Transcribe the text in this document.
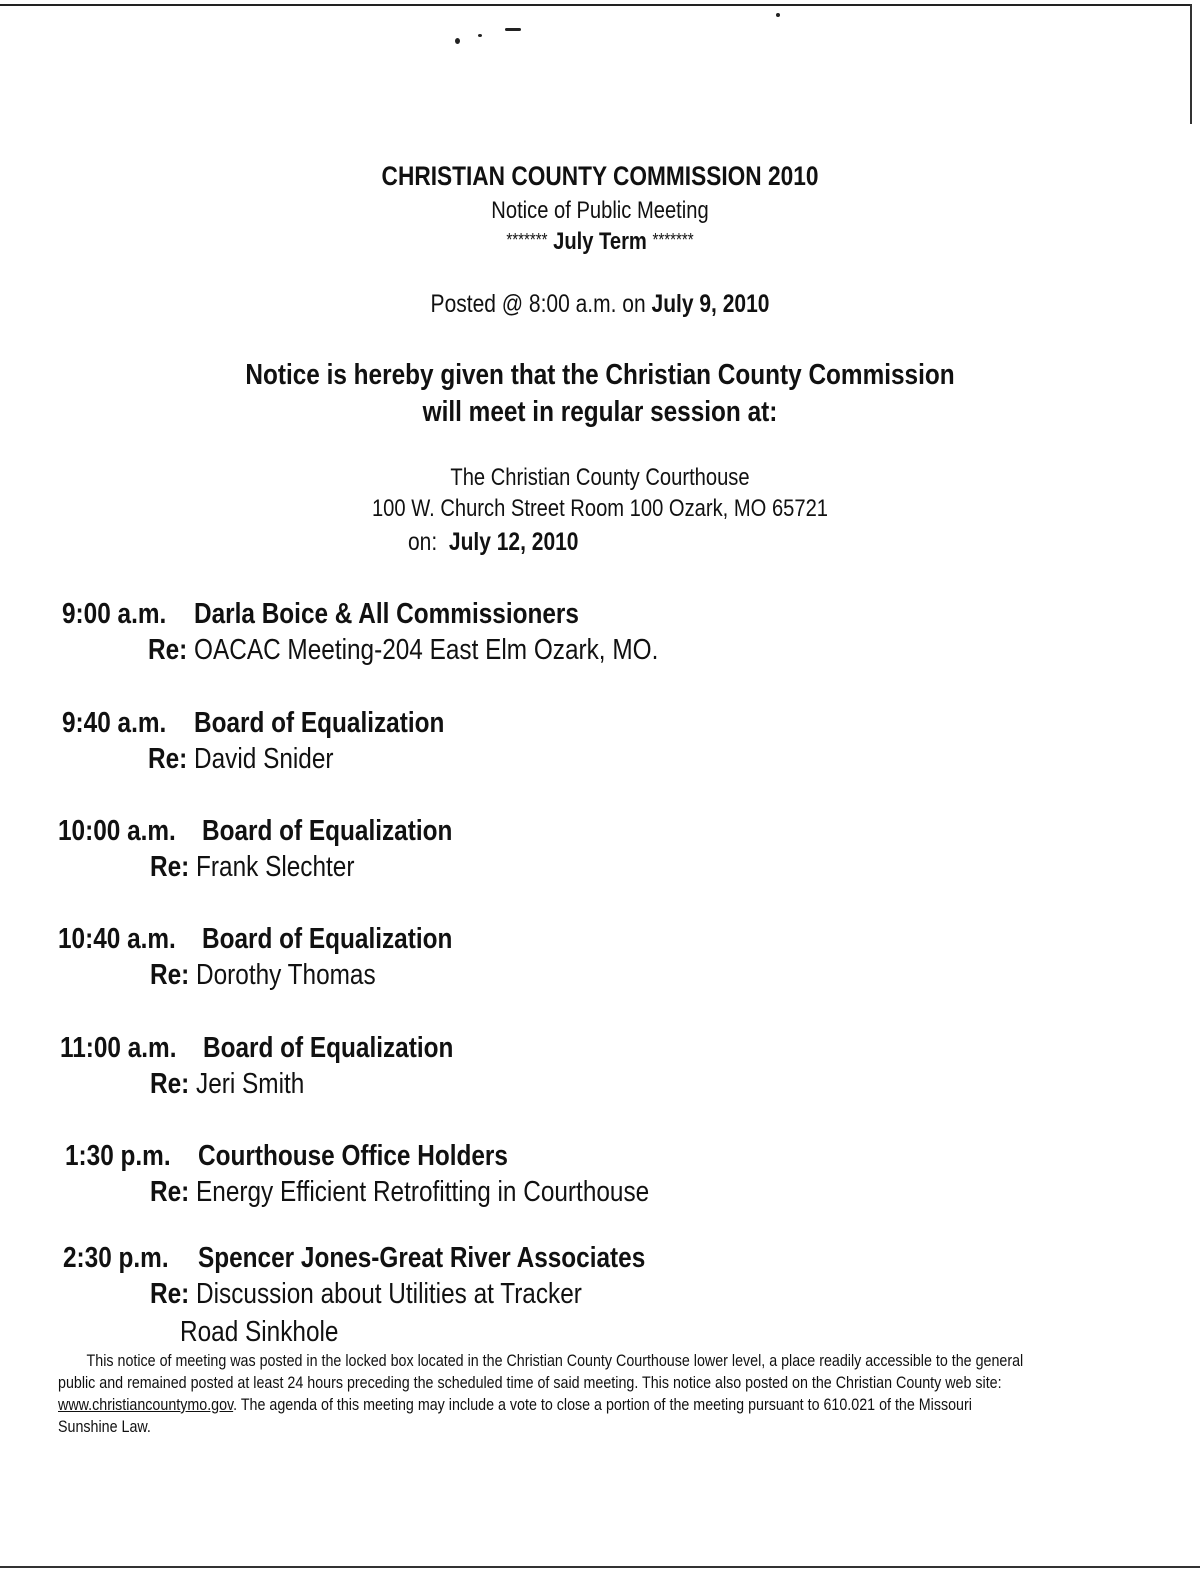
CHRISTIAN COUNTY COMMISSION 2010
Notice of Public Meeting
******* July Term *******
Posted @ 8:00 a.m. on July 9, 2010
Notice is hereby given that the Christian County Commission
will meet in regular session at:
The Christian County Courthouse
100 W. Church Street Room 100 Ozark, MO 65721
on: July 12, 2010
9:00 a.m. Darla Boice & All Commissioners
Re: OACAC Meeting-204 East Elm Ozark, MO.
9:40 a.m. Board of Equalization
Re: David Snider
10:00 a.m. Board of Equalization
Re: Frank Slechter
10:40 a.m. Board of Equalization
Re: Dorothy Thomas
11:00 a.m. Board of Equalization
Re: Jeri Smith
1:30 p.m. Courthouse Office Holders
Re: Energy Efficient Retrofitting in Courthouse
2:30 p.m. Spencer Jones-Great River Associates
Re: Discussion about Utilities at Tracker
Road Sinkhole

This notice of meeting was posted in the locked box located in the Christian County Courthouse lower level, a place readily accessible to the general

public and remained posted at least 24 hours preceding the scheduled time of said meeting. This notice also posted on the Christian County web site:

www.christiancountymo.gov. The agenda of this meeting may include a vote to close a portion of the meeting pursuant to 610.021 of the Missouri

Sunshine Law.
